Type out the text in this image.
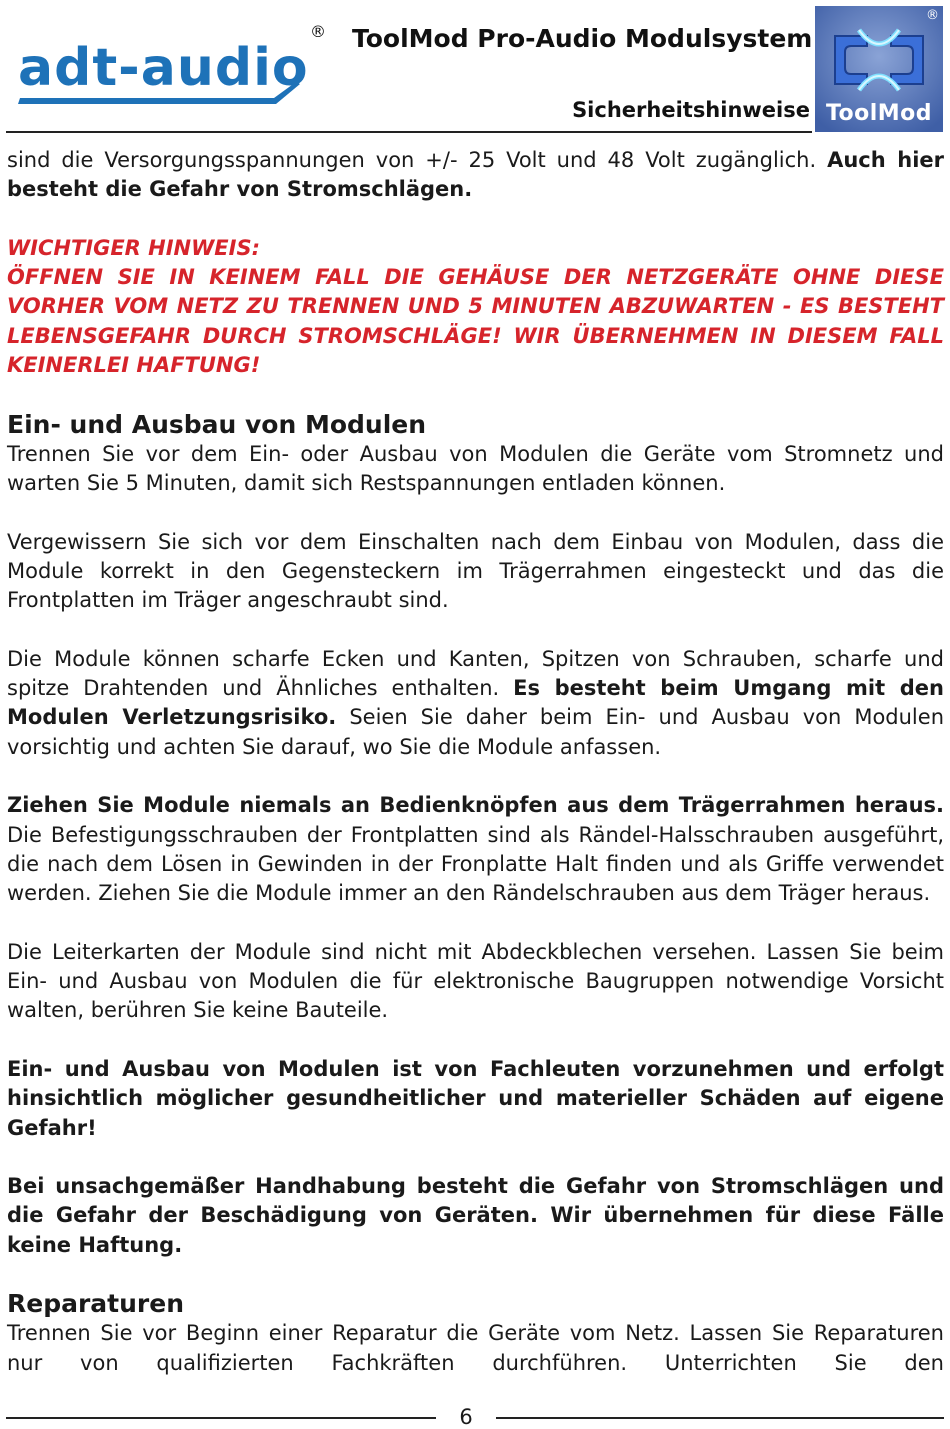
adt-audio
® ToolMod Pro-Audio Modulsystem
Sicherheitshinweise
®
ToolMod

sind die Versorgungsspannungen von +/- 25 Volt und 48 Volt zugänglich. Auch hier besteht die Gefahr von Stromschlägen.

WICHTIGER HINWEIS:

ÖFFNEN SIE IN KEINEM FALL DIE GEHÄUSE DER NETZGERÄTE OHNE DIESE VORHER VOM NETZ ZU TRENNEN UND 5 MINUTEN ABZUWARTEN - ES BESTEHT LEBENSGEFAHR DURCH STROMSCHLÄGE! WIR ÜBERNEHMEN IN DIESEM FALL KEINERLEI HAFTUNG!

Ein- und Ausbau von Modulen

Trennen Sie vor dem Ein- oder Ausbau von Modulen die Geräte vom Stromnetz und warten Sie 5 Minuten, damit sich Restspannungen entladen können.

Vergewissern Sie sich vor dem Einschalten nach dem Einbau von Modulen, dass die Module korrekt in den Gegensteckern im Trägerrahmen eingesteckt und das die Frontplatten im Träger angeschraubt sind.

Die Module können scharfe Ecken und Kanten, Spitzen von Schrauben, scharfe und spitze Drahtenden und Ähnliches enthalten. Es besteht beim Umgang mit den Modulen Verletzungsrisiko. Seien Sie daher beim Ein- und Ausbau von Modulen vorsichtig und achten Sie darauf, wo Sie die Module anfassen.

Ziehen Sie Module niemals an Bedienknöpfen aus dem Trägerrahmen heraus. Die Befestigungsschrauben der Frontplatten sind als Rändel-Halsschrauben ausgeführt, die nach dem Lösen in Gewinden in der Fronplatte Halt finden und als Griffe verwendet werden. Ziehen Sie die Module immer an den Rändelschrauben aus dem Träger heraus.

Die Leiterkarten der Module sind nicht mit Abdeckblechen versehen. Lassen Sie beim Ein- und Ausbau von Modulen die für elektronische Baugruppen notwendige Vorsicht walten, berühren Sie keine Bauteile.

Ein- und Ausbau von Modulen ist von Fachleuten vorzunehmen und erfolgt hinsichtlich möglicher gesundheitlicher und materieller Schäden auf eigene Gefahr!

Bei unsachgemäßer Handhabung besteht die Gefahr von Stromschlägen und die Gefahr der Beschädigung von Geräten. Wir übernehmen für diese Fälle keine Haftung.

Reparaturen

Trennen Sie vor Beginn einer Reparatur die Geräte vom Netz. Lassen Sie Reparaturen nur von qualifizierten Fachkräften durchführen. Unterrichten Sie den

6
